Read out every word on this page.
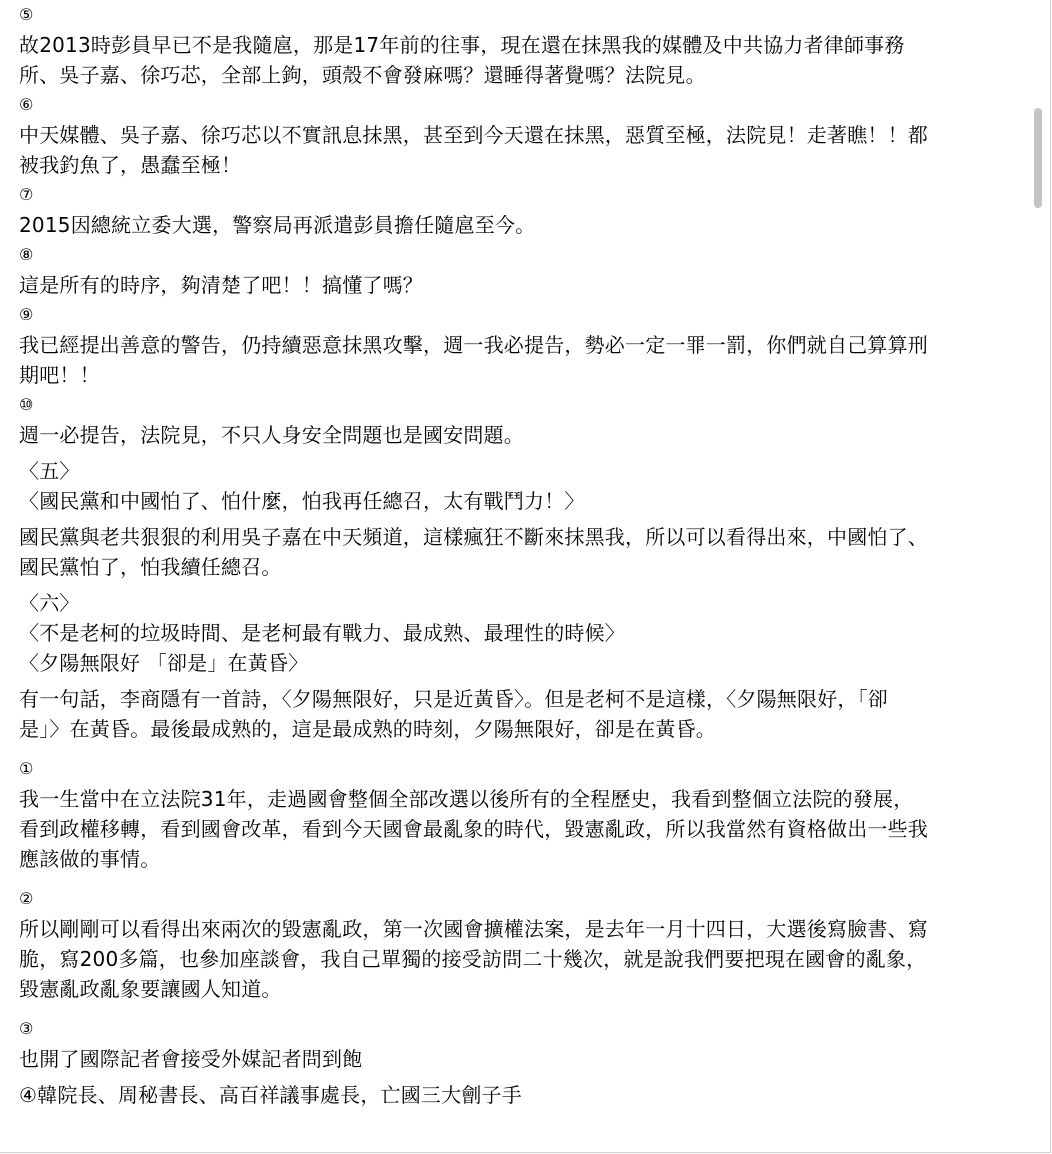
⑤
故2013時彭員早已不是我隨扈，那是17年前的往事，現在還在抹黑我的媒體及中共協力者律師事務
所、吳子嘉、徐巧芯，全部上鉤，頭殼不會發麻嗎？還睡得著覺嗎？法院見。
⑥
中天媒體、吳子嘉、徐巧芯以不實訊息抹黑，甚至到今天還在抹黑，惡質至極，法院見！走著瞧！！都
被我釣魚了，愚蠢至極！
⑦
2015因總統立委大選，警察局再派遣彭員擔任隨扈至今。
⑧
這是所有的時序，夠清楚了吧！！搞懂了嗎？
⑨
我已經提出善意的警告，仍持續惡意抹黑攻擊，週一我必提告，勢必一定一罪一罰，你們就自己算算刑
期吧！！
⑩
週一必提告，法院見，不只人身安全問題也是國安問題。
〈五〉
〈國民黨和中國怕了、怕什麼，怕我再任總召，太有戰鬥力！〉
國民黨與老共狠狠的利用吳子嘉在中天頻道，這樣瘋狂不斷來抹黑我，所以可以看得出來，中國怕了、
國民黨怕了，怕我續任總召。
〈六〉
〈不是老柯的垃圾時間、是老柯最有戰力、最成熟、最理性的時候〉
〈夕陽無限好 「卻是」在黃昏〉
有一句話，李商隱有一首詩，〈夕陽無限好，只是近黃昏〉。但是老柯不是這樣，〈夕陽無限好，「卻
是」〉在黃昏。最後最成熟的，這是最成熟的時刻，夕陽無限好，卻是在黃昏。
①
我一生當中在立法院31年，走過國會整個全部改選以後所有的全程歷史，我看到整個立法院的發展，
看到政權移轉，看到國會改革，看到今天國會最亂象的時代，毀憲亂政，所以我當然有資格做出一些我
應該做的事情。
②
所以剛剛可以看得出來兩次的毀憲亂政，第一次國會擴權法案，是去年一月十四日，大選後寫臉書、寫
脆，寫200多篇，也參加座談會，我自己單獨的接受訪問二十幾次，就是說我們要把現在國會的亂象，
毀憲亂政亂象要讓國人知道。
③
也開了國際記者會接受外媒記者問到飽
④韓院長、周秘書長、高百祥議事處長，亡國三大劊子手
